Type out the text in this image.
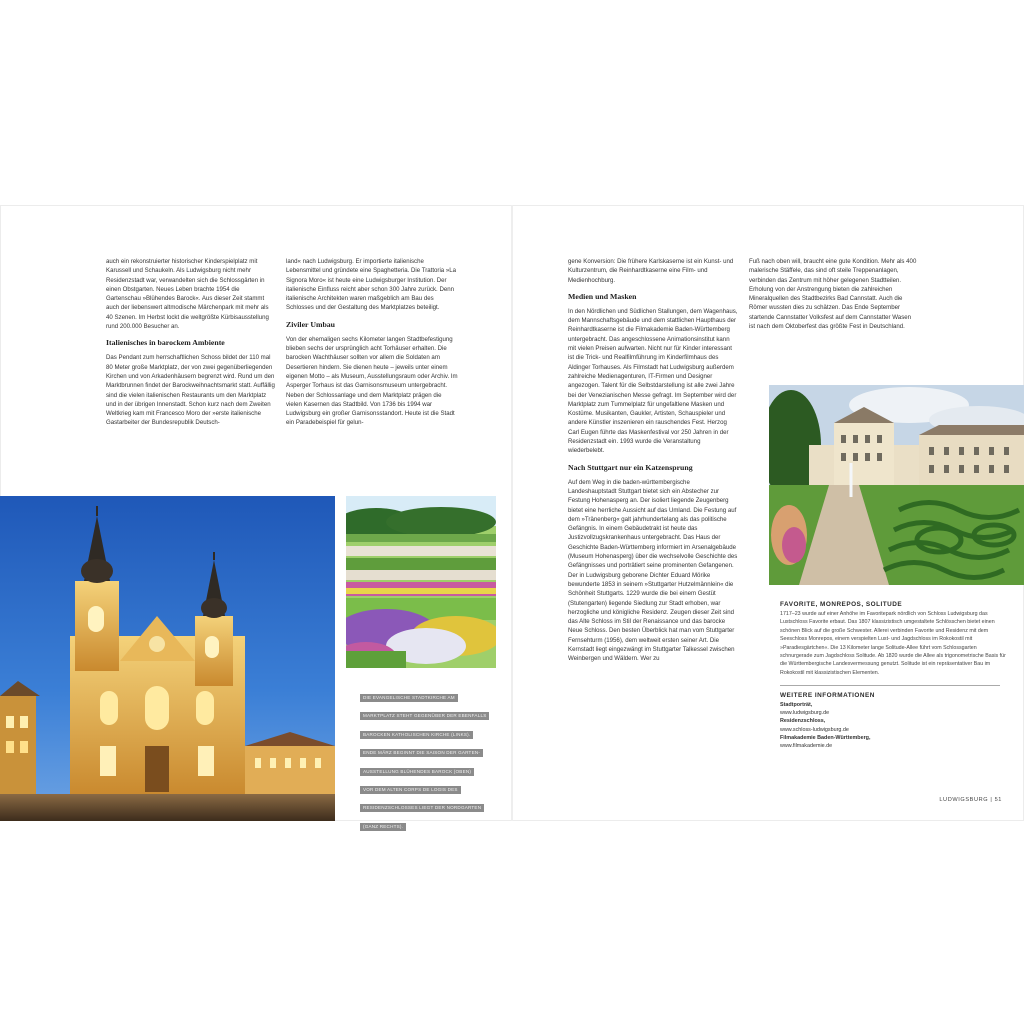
auch ein rekonstruierter historischer Kinderspielplatz mit Karussell und Schaukeln. Als Ludwigsburg nicht mehr Residenzstadt war, verwandelten sich die Schlossgärten in einen Obstgarten. Neues Leben brachte 1954 die Gartenschau »Blühendes Barock«. Aus dieser Zeit stammt auch der liebenswert altmodische Märchenpark mit mehr als 40 Szenen. Im Herbst lockt die weltgrößte Kürbisausstellung rund 200.000 Besucher an.

Italienisches in barockem Ambiente

Das Pendant zum herrschaftlichen Schoss bildet der 110 mal 80 Meter große Marktplatz, der von zwei gegenüberliegenden Kirchen und von Arkadenhäusern begrenzt wird. Rund um den Marktbrunnen findet der Barockweihnachtsmarkt statt. Auffällig sind die vielen italienischen Restaurants um den Marktplatz und in der übrigen Innenstadt. Schon kurz nach dem Zweiten Weltkrieg kam mit Francesco Moro der »erste italienische Gastarbeiter der Bundesrepublik Deutsch-

land« nach Ludwigsburg. Er importierte italienische Lebensmittel und gründete eine Spaghetteria. Die Trattoria »La Signora Moro« ist heute eine Ludwigsburger Institution. Der italienische Einfluss reicht aber schon 300 Jahre zurück. Denn italienische Architekten waren maßgeblich am Bau des Schlosses und der Gestaltung des Marktplatzes beteiligt.

Ziviler Umbau

Von der ehemaligen sechs Kilometer langen Stadtbefestigung blieben sechs der ursprünglich acht Torhäuser erhalten. Die barocken Wachthäuser sollten vor allem die Soldaten am Desertieren hindern. Sie dienen heute – jeweils unter einem eigenen Motto – als Museum, Ausstellungsraum oder Archiv. Im Asperger Torhaus ist das Garnisonsmuseum untergebracht. Neben der Schlossanlage und dem Marktplatz prägen die vielen Kasernen das Stadtbild. Von 1736 bis 1994 war Ludwigsburg ein großer Garnisonsstandort. Heute ist die Stadt ein Paradebeispiel für gelun-

gene Konversion: Die frühere Karlskaserne ist ein Kunst- und Kulturzentrum, die Reinhardtkaserne eine Film- und Medienhochburg.

Medien und Masken

In den Nördlichen und Südlichen Stallungen, dem Wagenhaus, dem Mannschaftsgebäude und dem stattlichen Haupthaus der Reinhardtkaserne ist die Filmakademie Baden-Württemberg untergebracht. Das angeschlossene Animationsinstitut kann mit vielen Preisen aufwarten. Nicht nur für Kinder interessant ist die Trick- und Realfilmführung im Kinderfilmhaus des Aldinger Torhauses. Als Filmstadt hat Ludwigsburg außerdem zahlreiche Medienagenturen, IT-Firmen und Designer angezogen. Talent für die Selbstdarstellung ist alle zwei Jahre bei der Venezianischen Messe gefragt. Im September wird der Marktplatz zum Tummelplatz für ungefaltlene Masken und Kostüme. Musikanten, Gaukler, Artisten, Schauspieler und andere Künstler inszenieren ein rauschendes Fest. Herzog Carl Eugen führte das Maskenfestival vor 250 Jahren in der Residenzstadt ein. 1993 wurde die Veranstaltung wiederbelebt.

Nach Stuttgart nur ein Katzensprung

Auf dem Weg in die baden-württembergische Landeshauptstadt Stuttgart bietet sich ein Abstecher zur Festung Hohenasperg an. Der isoliert liegende Zeugenberg bietet eine herrliche Aussicht auf das Umland. Die Festung auf dem »Tränenberg« galt jahrhundertelang als das politische Gefängnis. In einem Gebäudetrakt ist heute das Justizvollzugskrankenhaus untergebracht. Das Haus der Geschichte Baden-Württemberg informiert im Arsenalgebäude (Museum Hohenasperg) über die wechselvolle Geschichte des Gefängnisses und porträtiert seine prominenten Gefangenen. Der in Ludwigsburg geborene Dichter Eduard Mörike bewunderte 1853 in seinem »Stuttgarter Hutzelmännlein« die Schönheit Stuttgarts. 1229 wurde die bei einem Gestüt (Stutengarten) liegende Siedlung zur Stadt erhoben, war herzogliche und königliche Residenz. Zeugen dieser Zeit sind das Alte Schloss im Stil der Renaissance und das barocke Neue Schloss. Den besten Überblick hat man vom Stuttgarter Fernsehturm (1956), dem weltweit ersten seiner Art. Die Kernstadt liegt eingezwängt im Stuttgarter Talkessel zwischen Weinbergen und Wäldern. Wer zu

Fuß nach oben will, braucht eine gute Kondition. Mehr als 400 malerische Stäffele, das sind oft steile Treppenanlagen, verbinden das Zentrum mit höher gelegenen Stadtteilen. Erholung von der Anstrengung bieten die zahlreichen Mineralquellen des Stadtbezirks Bad Cannstatt. Auch die Römer wussten dies zu schätzen. Das Ende September startende Cannstatter Volksfest auf dem Cannstatter Wasen ist nach dem Oktoberfest das größte Fest in Deutschland.

DIE EVANGELISCHE STADTKIRCHE AM
MARKTPLATZ STEHT GEGENÜBER DER EBENFALLS
BAROCKEN KATHOLISCHEN KIRCHE (LINKS).
ENDE MÄRZ BEGINNT DIE SAISON DER GARTEN-
AUSSTELLUNG BLÜHENDES BAROCK (OBEN)
VOR DEM ALTEN CORPS DE LOGIS DES
RESIDENZSCHLOSSES LIEGT DER NORDGARTEN
(GANZ RECHTS).
FAVORITE, MONREPOS, SOLITUDE
1717–23 wurde auf einer Anhöhe im Favoritepark nördlich von Schloss Ludwigsburg das Lustschloss Favorite erbaut. Das 1807 klassizistisch umgestaltete Schlösschen bietet einen schönen Blick auf die große Schwester. Allerei verbinden Favorite und Residenz mit dem Seeschloss Monrepos, einem verspielten Lust- und Jagdschloss im Rokokostil mit »Paradiesgärtchen«. Die 13 Kilometer lange Solitude-Allee führt vom Schlossgarten schnurgerade zum Jagdschloss Solitude. Ab 1820 wurde die Allee als trigonometrische Basis für die Württembergische Landesvermessung genutzt. Solitude ist ein repräsentativer Bau im Rokokostil mit klassizistischen Elementen.
WEITERE INFORMATIONEN
Stadtporträt,
www.ludwigsburg.de
Residenzschloss,
www.schloss-ludwigsburg.de
Filmakademie Baden-Württemberg,
www.filmakademie.de
LUDWIGSBURG | 51
